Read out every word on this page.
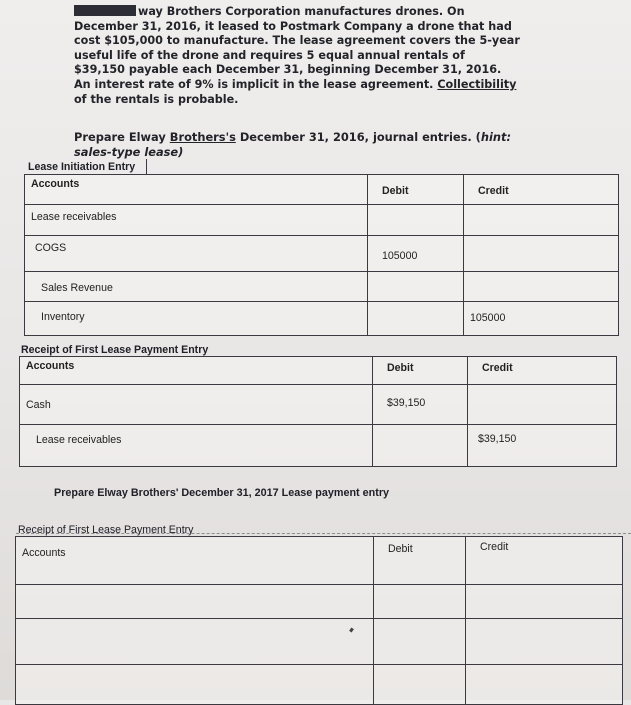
way Brothers Corporation manufactures drones. On
December 31, 2016, it leased to Postmark Company a drone that had
cost $105,000 to manufacture. The lease agreement covers the 5-year
useful life of the drone and requires 5 equal annual rentals of
$39,150 payable each December 31, beginning December 31, 2016.
An interest rate of 9% is implicit in the lease agreement. Collectibility
of the rentals is probable.
Prepare Elway Brothers's December 31, 2016, journal entries. (hint:
sales-type lease)
Lease Initiation Entry
Accounts	Debit	Credit
Lease receivables		
COGS	105000	
Sales Revenue		
Inventory		105000
Receipt of First Lease Payment Entry
Accounts	Debit	Credit
Cash	$39,150	
Lease receivables		$39,150
Prepare Elway Brothers' December 31, 2017 Lease payment entry
Receipt of First Lease Payment Entry
Accounts	Debit	Credit
